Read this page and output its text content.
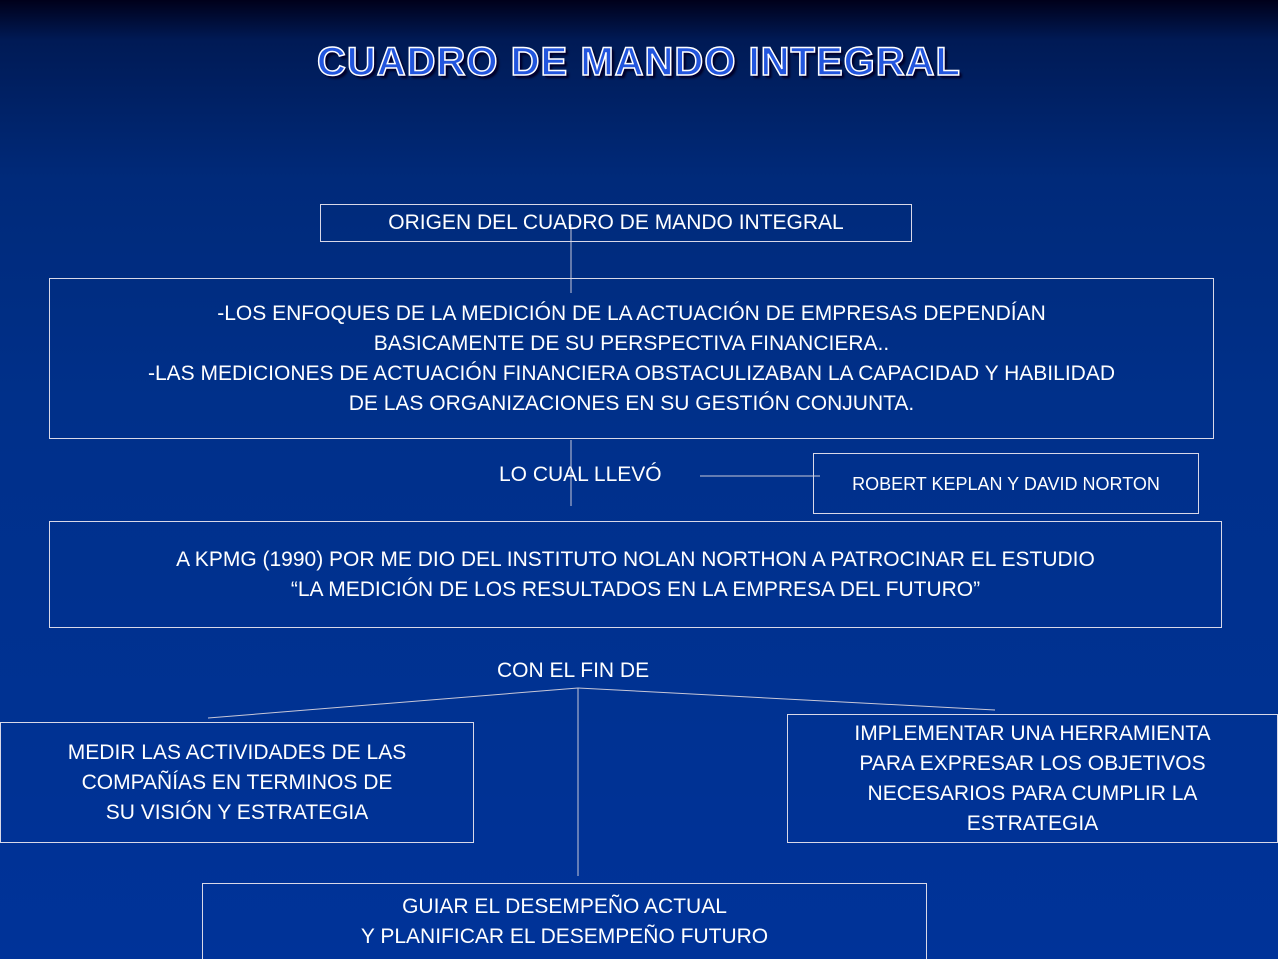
CUADRO DE MANDO INTEGRAL
ORIGEN DEL CUADRO DE MANDO INTEGRAL
-LOS ENFOQUES DE LA MEDICIÓN DE LA ACTUACIÓN DE EMPRESAS DEPENDÍAN
BASICAMENTE DE SU PERSPECTIVA FINANCIERA..
-LAS MEDICIONES DE ACTUACIÓN FINANCIERA OBSTACULIZABAN LA CAPACIDAD Y HABILIDAD
DE LAS ORGANIZACIONES EN SU GESTIÓN CONJUNTA.
LO CUAL LLEVÓ	ROBERT KEPLAN Y DAVID NORTON
A KPMG (1990) POR ME DIO DEL INSTITUTO NOLAN NORTHON A PATROCINAR EL ESTUDIO
“LA MEDICIÓN DE LOS RESULTADOS EN LA EMPRESA DEL FUTURO”
CON EL FIN DE
MEDIR LAS ACTIVIDADES DE LAS
COMPAÑÍAS EN TERMINOS DE
SU VISIÓN Y ESTRATEGIA
IMPLEMENTAR UNA HERRAMIENTA
PARA EXPRESAR LOS OBJETIVOS
NECESARIOS PARA CUMPLIR LA
ESTRATEGIA
GUIAR EL DESEMPEÑO ACTUAL
Y PLANIFICAR EL DESEMPEÑO FUTURO
